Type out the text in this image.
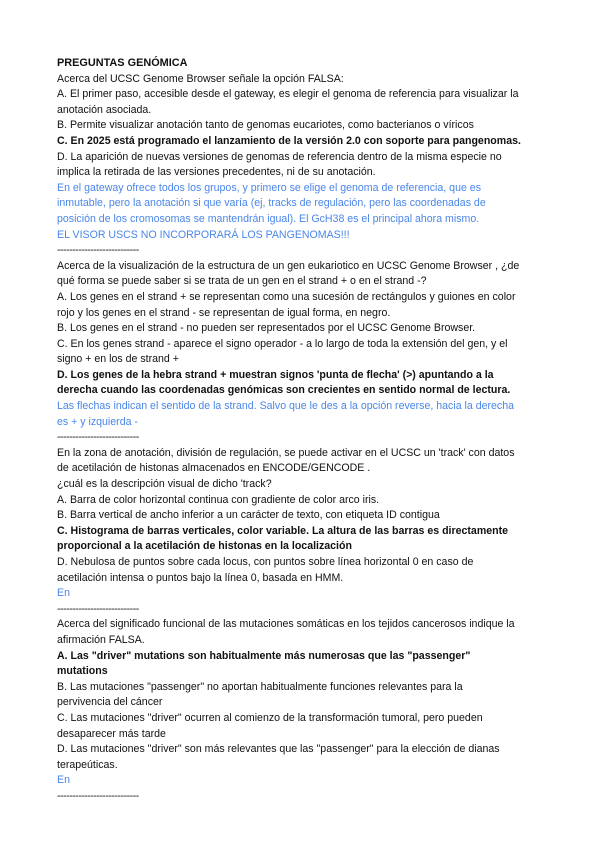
PREGUNTAS GENÓMICA
Acerca del UCSC Genome Browser señale la opción FALSA:
A. El primer paso, accesible desde el gateway, es elegir el genoma de referencia para visualizar la
anotación asociada.
B. Permite visualizar anotación tanto de genomas eucariotes, como bacterianos o víricos
C. En 2025 está programado el lanzamiento de la versión 2.0 con soporte para pangenomas.
D. La aparición de nuevas versiones de genomas de referencia dentro de la misma especie no
implica la retirada de las versiones precedentes, ni de su anotación.
En el gateway ofrece todos los grupos, y primero se elige el genoma de referencia, que es
inmutable, pero la anotación si que varía (ej, tracks de regulación, pero las coordenadas de
posición de los cromosomas se mantendrán igual). El GcH38 es el principal ahora mismo.
EL VISOR USCS NO INCORPORARÁ LOS PANGENOMAS!!!
---------------------------
Acerca de la visualización de la estructura de un gen eukariotico en UCSC Genome Browser , ¿de
qué forma se puede saber si se trata de un gen en el strand + o en el strand -?
A. Los genes en el strand + se representan como una sucesión de rectángulos y guiones en color
rojo y los genes en el strand - se representan de igual forma, en negro.
B. Los genes en el strand - no pueden ser representados por el UCSC Genome Browser.
C. En los genes strand - aparece el signo operador - a lo largo de toda la extensión del gen, y el
signo + en los de strand +
D. Los genes de la hebra strand + muestran signos 'punta de flecha' (>) apuntando a la
derecha cuando las coordenadas genómicas son crecientes en sentido normal de lectura.
Las flechas indican el sentido de la strand. Salvo que le des a la opción reverse, hacia la derecha
es + y izquierda -
---------------------------
En la zona de anotación, división de regulación, se puede activar en el UCSC un 'track' con datos
de acetilación de histonas almacenados en ENCODE/GENCODE .
¿cuál es la descripción visual de dicho 'track?
A. Barra de color horizontal continua con gradiente de color arco iris.
B. Barra vertical de ancho inferior a un carácter de texto, con etiqueta ID contigua
C. Histograma de barras verticales, color variable. La altura de las barras es directamente
proporcional a la acetilación de histonas en la localización
D. Nebulosa de puntos sobre cada locus, con puntos sobre línea horizontal 0 en caso de
acetilación intensa o puntos bajo la línea 0, basada en HMM.
En
---------------------------
Acerca del significado funcional de las mutaciones somáticas en los tejidos cancerosos indique la
afirmación FALSA.
A. Las "driver" mutations son habitualmente más numerosas que las "passenger"
mutations
B. Las mutaciones "passenger" no aportan habitualmente funciones relevantes para la
pervivencia del cáncer
C. Las mutaciones "driver" ocurren al comienzo de la transformación tumoral, pero pueden
desaparecer más tarde
D. Las mutaciones "driver" son más relevantes que las "passenger" para la elección de dianas
terapeúticas.
En
---------------------------
